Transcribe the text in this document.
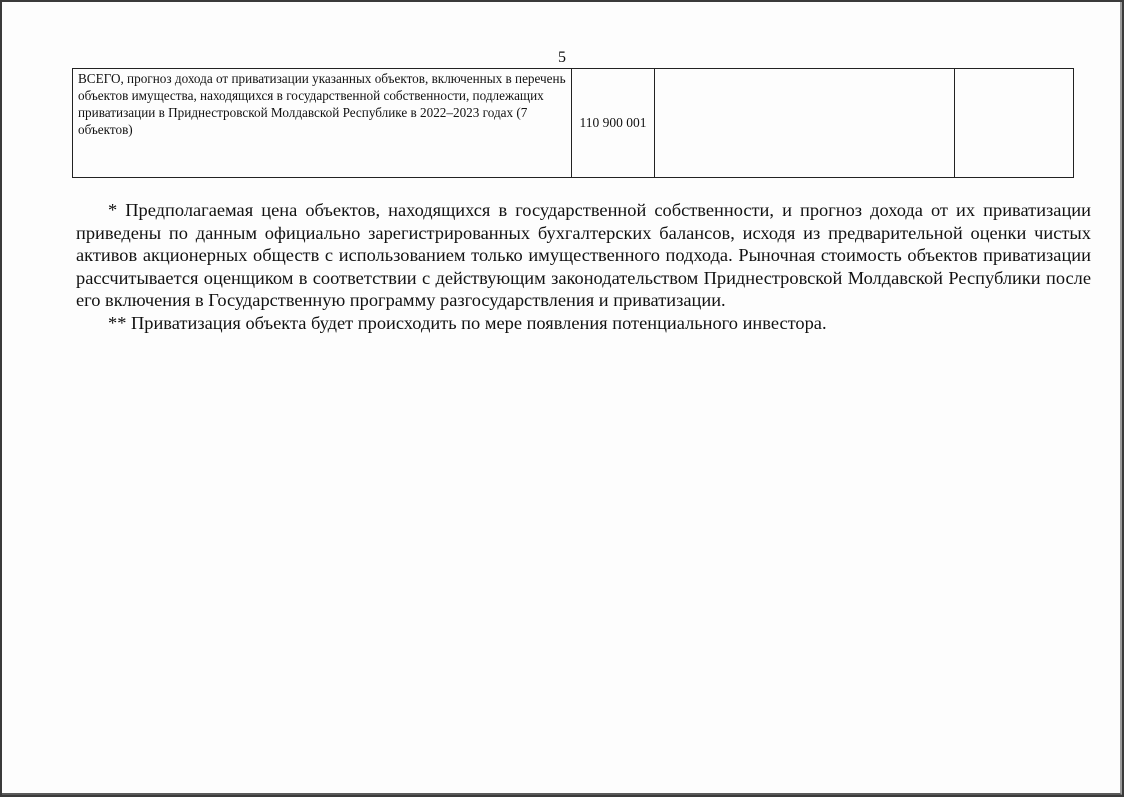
5
ВСЕГО, прогноз дохода от приватизации указанных объектов, включенных в перечень объектов имущества, находящихся в государственной собственности, подлежащих приватизации в Приднестровской Молдавской Республике в 2022–2023 годах (7 объектов)	110 900 001		

* Предполагаемая цена объектов, находящихся в государственной собственности, и прогноз дохода от их приватизации приведены по данным официально зарегистрированных бухгалтерских балансов, исходя из предварительной оценки чистых активов акционерных обществ с использованием только имущественного подхода. Рыночная стоимость объектов приватизации рассчитывается оценщиком в соответствии с действующим законодательством Приднестровской Молдавской Республики после его включения в Государственную программу разгосударствления и приватизации.

** Приватизация объекта будет происходить по мере появления потенциального инвестора.
